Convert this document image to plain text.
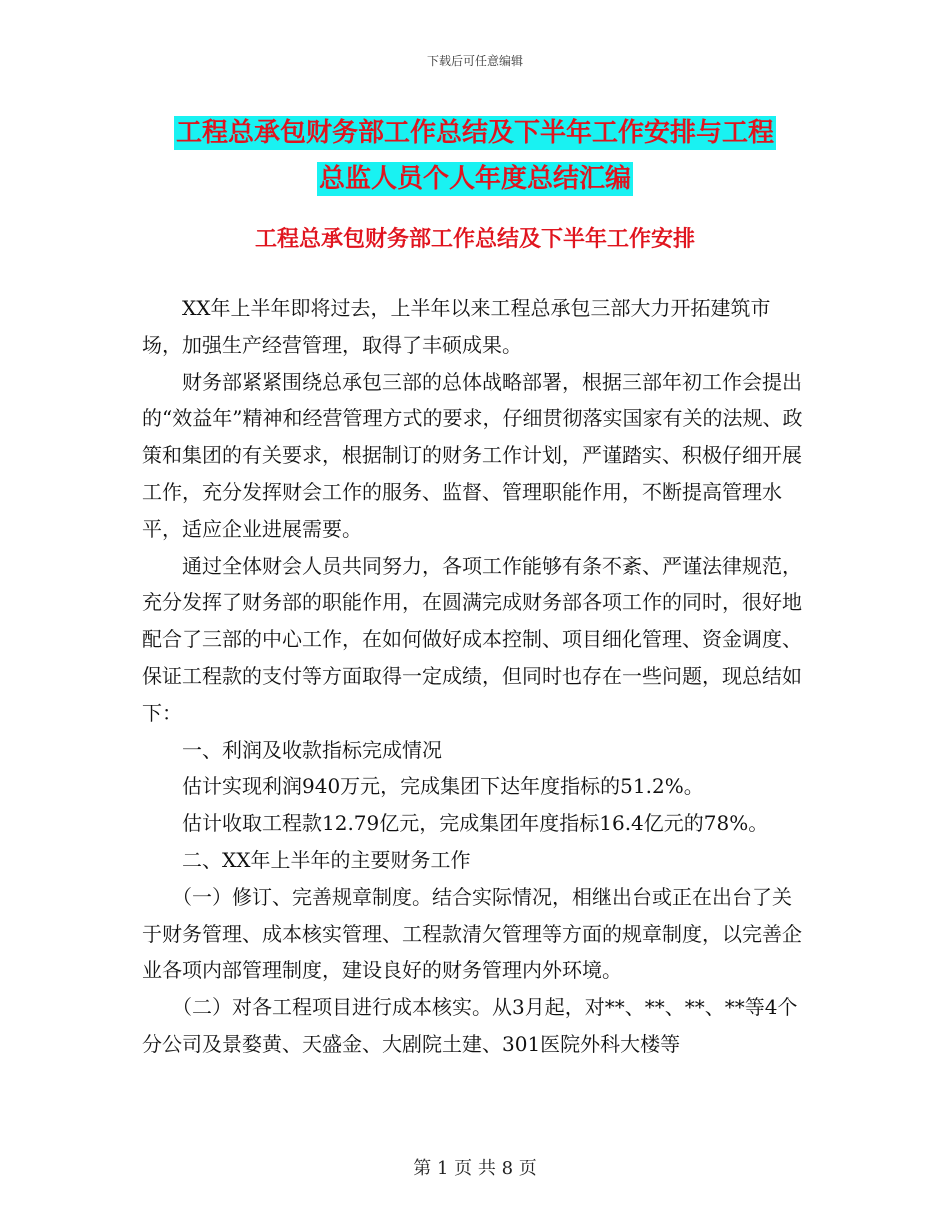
下载后可任意编辑
工程总承包财务部工作总结及下半年工作安排与工程
总监人员个人年度总结汇编
工程总承包财务部工作总结及下半年工作安排

XX年上半年即将过去，上半年以来工程总承包三部大力开拓建筑市场，加强生产经营管理，取得了丰硕成果。

财务部紧紧围绕总承包三部的总体战略部署，根据三部年初工作会提出的“效益年”精神和经营管理方式的要求，仔细贯彻落实国家有关的法规、政策和集团的有关要求，根据制订的财务工作计划，严谨踏实、积极仔细开展工作，充分发挥财会工作的服务、监督、管理职能作用，不断提高管理水平，适应企业进展需要。

通过全体财会人员共同努力，各项工作能够有条不紊、严谨法律规范，充分发挥了财务部的职能作用，在圆满完成财务部各项工作的同时，很好地配合了三部的中心工作，在如何做好成本控制、项目细化管理、资金调度、保证工程款的支付等方面取得一定成绩，但同时也存在一些问题，现总结如下：

一、利润及收款指标完成情况

估计实现利润940万元，完成集团下达年度指标的51.2%。

估计收取工程款12.79亿元，完成集团年度指标16.4亿元的78%。

二、XX年上半年的主要财务工作

（一）修订、完善规章制度。结合实际情况，相继出台或正在出台了关于财务管理、成本核实管理、工程款清欠管理等方面的规章制度，以完善企业各项内部管理制度，建设良好的财务管理内外环境。

（二）对各工程项目进行成本核实。从3月起，对**、**、**、**等4个分公司及景婺黄、天盛金、大剧院土建、301医院外科大楼等

第 1 页 共 8 页
